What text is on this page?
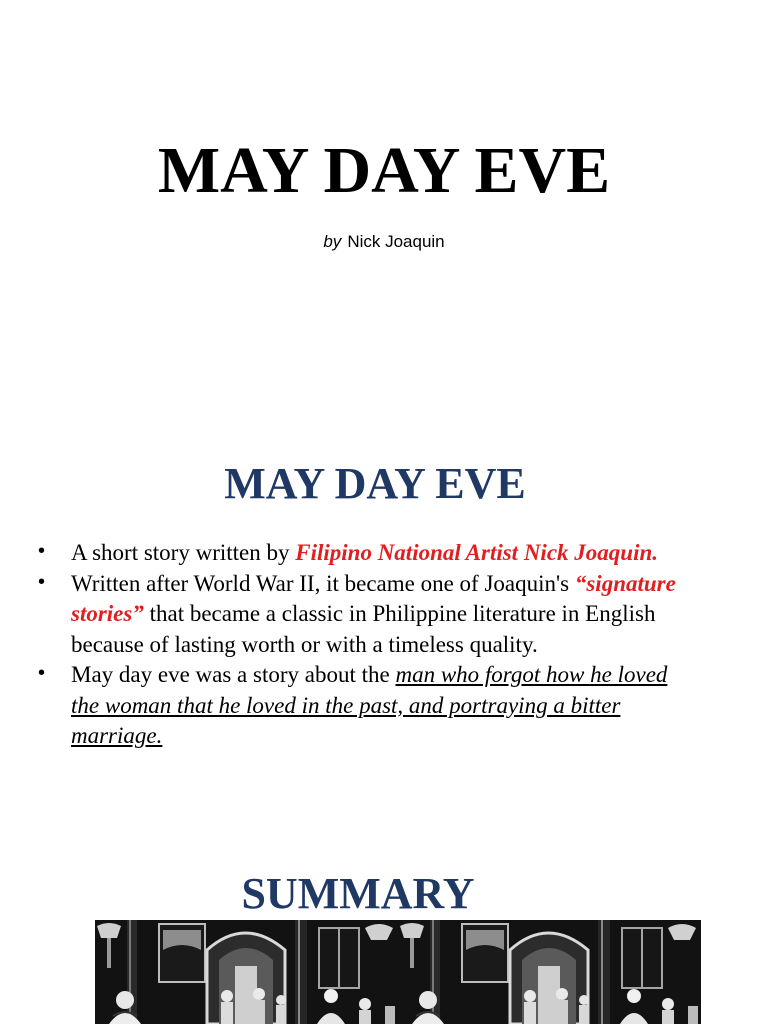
MAY DAY EVE

by Nick Joaquin

MAY DAY EVE
• A short story written by Filipino National Artist Nick Joaquin.
• Written after World War II, it became one of Joaquin's “signature stories” that became a classic in Philippine literature in English because of lasting worth or with a timeless quality.
• May day eve was a story about the man who forgot how he loved the woman that he loved in the past, and portraying a bitter marriage.
SUMMARY
